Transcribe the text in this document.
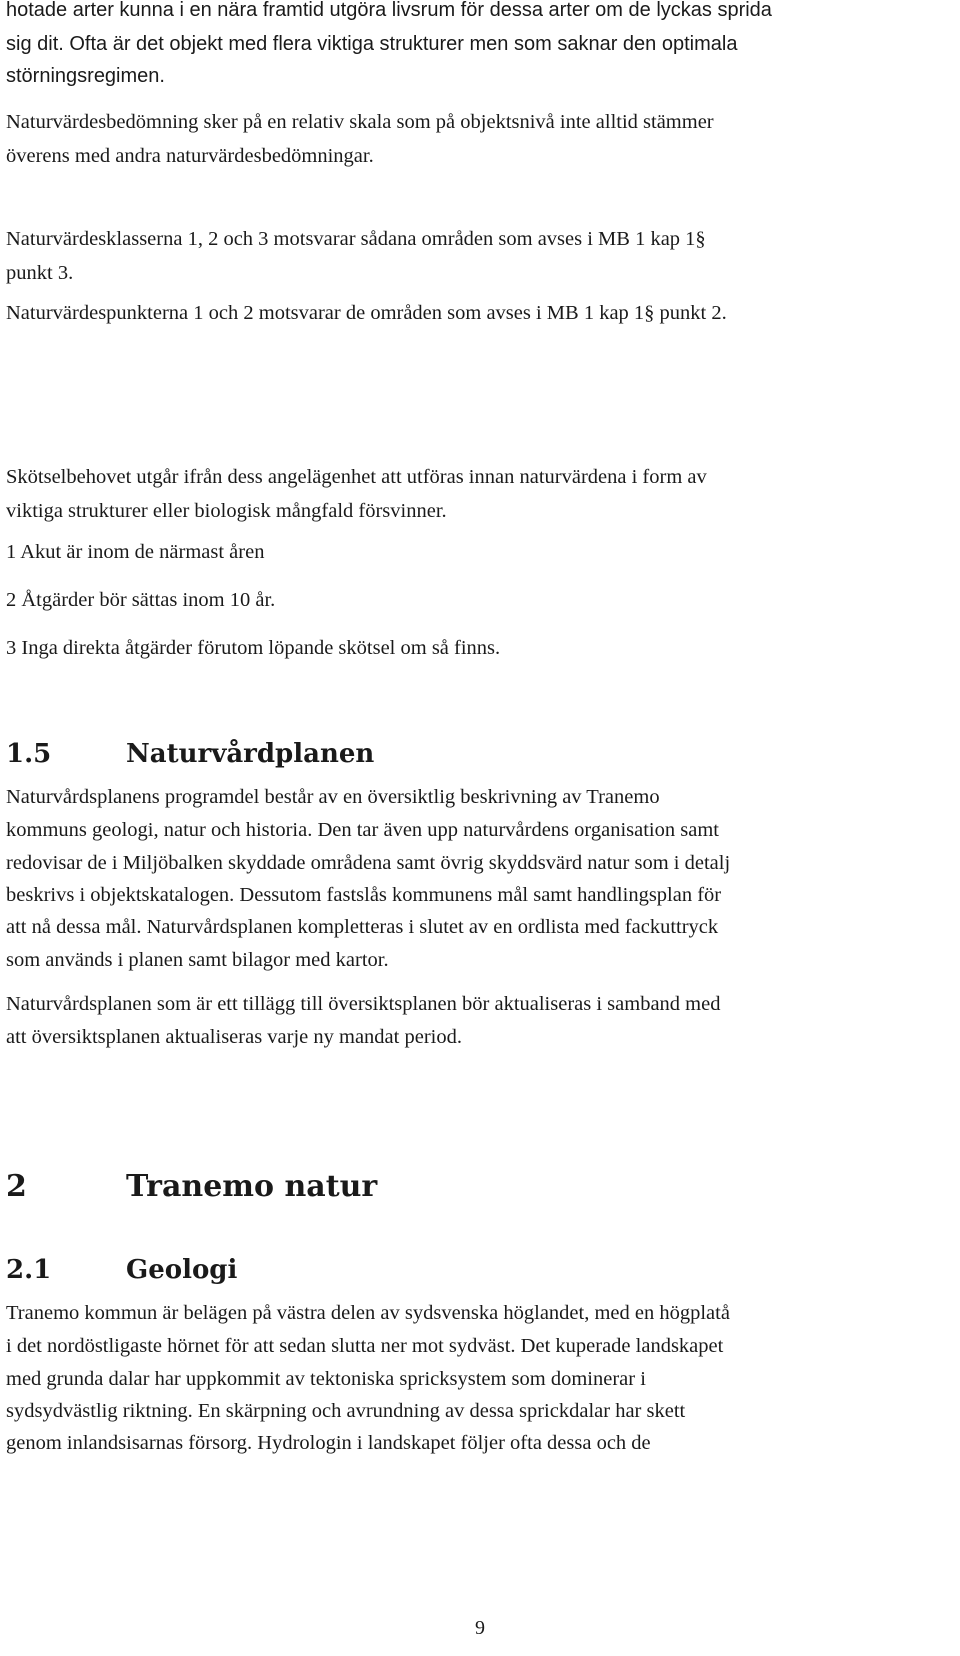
hotade arter kunna i en nära framtid utgöra livsrum för dessa arter om de lyckas sprida

sig dit. Ofta är det objekt med flera viktiga strukturer men som saknar den optimala

störningsregimen.

Naturvärdesbedömning sker på en relativ skala som på objektsnivå inte alltid stämmer

överens med andra naturvärdesbedömningar.

Naturvärdesklasserna 1, 2 och 3 motsvarar sådana områden som avses i MB 1 kap 1§

punkt 3.

Naturvärdespunkterna 1 och 2 motsvarar de områden som avses i MB 1 kap 1§ punkt 2.

Skötselbehovet utgår ifrån dess angelägenhet att utföras innan naturvärdena i form av

viktiga strukturer eller biologisk mångfald försvinner.

1 Akut är inom de närmast åren

2 Åtgärder bör sättas inom 10 år.

3 Inga direkta åtgärder förutom löpande skötsel om så finns.

1.5	Naturvårdplanen

Naturvårdsplanens programdel består av en översiktlig beskrivning av Tranemo

kommuns geologi, natur och historia. Den tar även upp naturvårdens organisation samt

redovisar de i Miljöbalken skyddade områdena samt övrig skyddsvärd natur som i detalj

beskrivs i objektskatalogen. Dessutom fastslås kommunens mål samt handlingsplan för

att nå dessa mål. Naturvårdsplanen kompletteras i slutet av en ordlista med fackuttryck

som används i planen samt bilagor med kartor.

Naturvårdsplanen som är ett tillägg till översiktsplanen bör aktualiseras i samband med

att översiktsplanen aktualiseras varje ny mandat period.

2	Tranemo natur
2.1	Geologi

Tranemo kommun är belägen på västra delen av sydsvenska höglandet, med en högplatå

i det nordöstligaste hörnet för att sedan slutta ner mot sydväst. Det kuperade landskapet

med grunda dalar har uppkommit av tektoniska spricksystem som dominerar i

sydsydvästlig riktning. En skärpning och avrundning av dessa sprickdalar har skett

genom inlandsisarnas försorg. Hydrologin i landskapet följer ofta dessa och de

9
